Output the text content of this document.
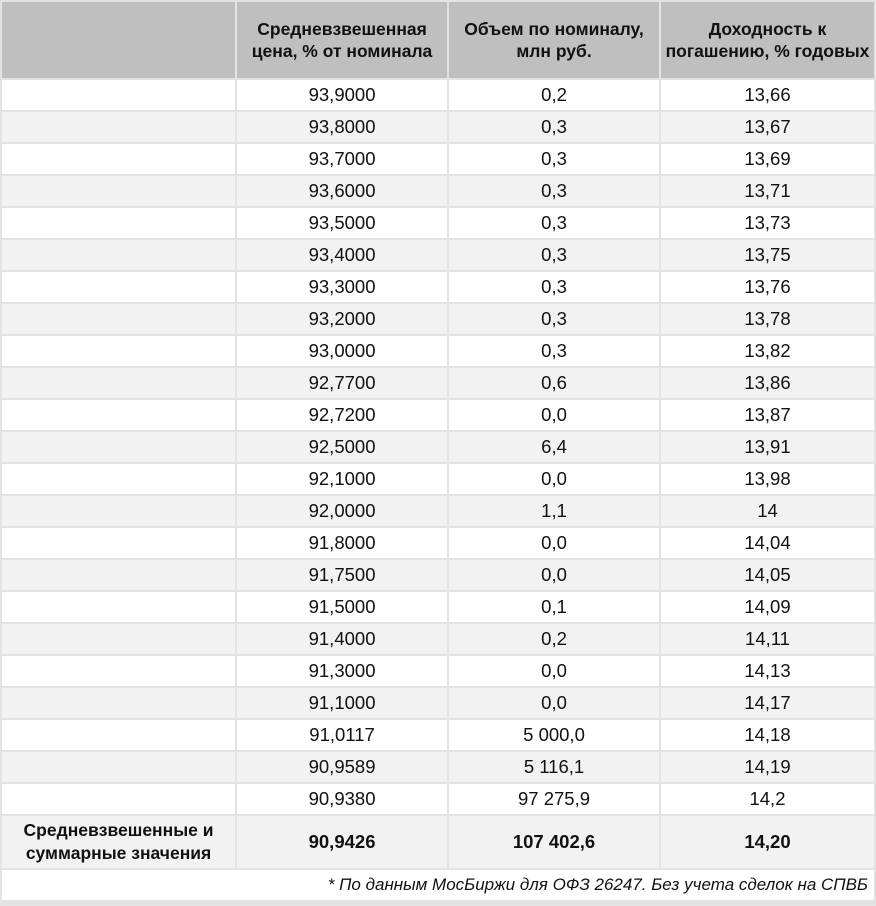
	Средневзвешенная цена, % от номинала	Объем по номиналу, млн руб.	Доходность к погашению, % годовых
	93,9000	0,2	13,66
	93,8000	0,3	13,67
	93,7000	0,3	13,69
	93,6000	0,3	13,71
	93,5000	0,3	13,73
	93,4000	0,3	13,75
	93,3000	0,3	13,76
	93,2000	0,3	13,78
	93,0000	0,3	13,82
	92,7700	0,6	13,86
	92,7200	0,0	13,87
	92,5000	6,4	13,91
	92,1000	0,0	13,98
	92,0000	1,1	14
	91,8000	0,0	14,04
	91,7500	0,0	14,05
	91,5000	0,1	14,09
	91,4000	0,2	14,11
	91,3000	0,0	14,13
	91,1000	0,0	14,17
	91,0117	5 000,0	14,18
	90,9589	5 116,1	14,19
	90,9380	97 275,9	14,2
Средневзвешенные и суммарные значения	90,9426	107 402,6	14,20
* По данным МосБиржи для ОФЗ 26247. Без учета сделок на СПВБ			
